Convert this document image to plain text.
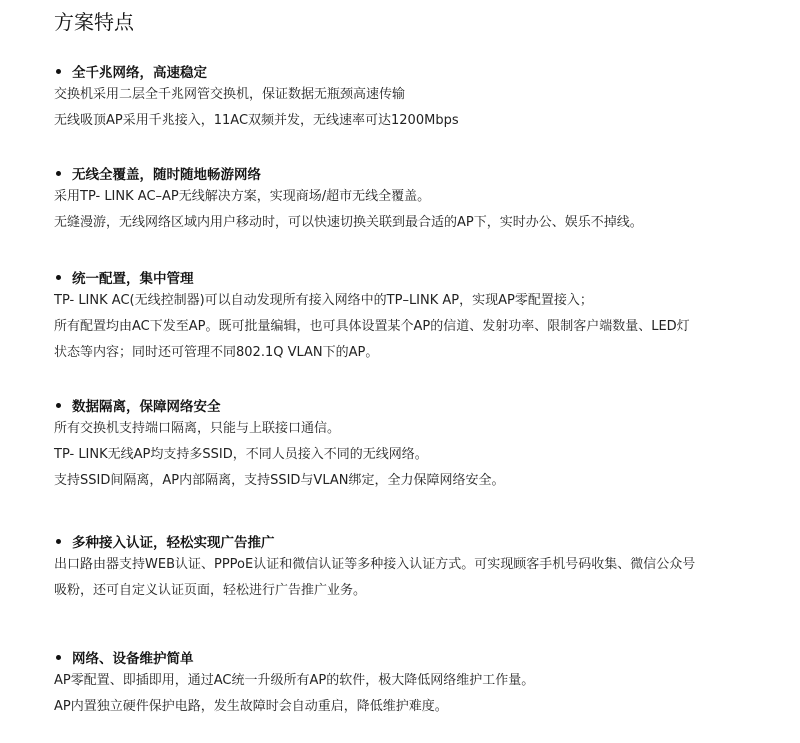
方案特点
全千兆网络，高速稳定

交换机采用二层全千兆网管交换机，保证数据无瓶颈高速传输

无线吸顶AP采用千兆接入，11AC双频并发，无线速率可达1200Mbps

无线全覆盖，随时随地畅游网络

采用TP- LINK AC–AP无线解决方案，实现商场/超市无线全覆盖。

无缝漫游，无线网络区域内用户移动时，可以快速切换关联到最合适的AP下，实时办公、娱乐不掉线。

统一配置，集中管理

TP- LINK AC(无线控制器)可以自动发现所有接入网络中的TP–LINK AP，实现AP零配置接入；

所有配置均由AC下发至AP。既可批量编辑，也可具体设置某个AP的信道、发射功率、限制客户端数量、LED灯

状态等内容；同时还可管理不同802.1Q VLAN下的AP。

数据隔离，保障网络安全

所有交换机支持端口隔离，只能与上联接口通信。

TP- LINK无线AP均支持多SSID，不同人员接入不同的无线网络。

支持SSID间隔离，AP内部隔离，支持SSID与VLAN绑定，全力保障网络安全。

多种接入认证，轻松实现广告推广

出口路由器支持WEB认证、PPPoE认证和微信认证等多种接入认证方式。可实现顾客手机号码收集、微信公众号

吸粉，还可自定义认证页面，轻松进行广告推广业务。

网络、设备维护简单

AP零配置、即插即用，通过AC统一升级所有AP的软件，极大降低网络维护工作量。

AP内置独立硬件保护电路，发生故障时会自动重启，降低维护难度。
